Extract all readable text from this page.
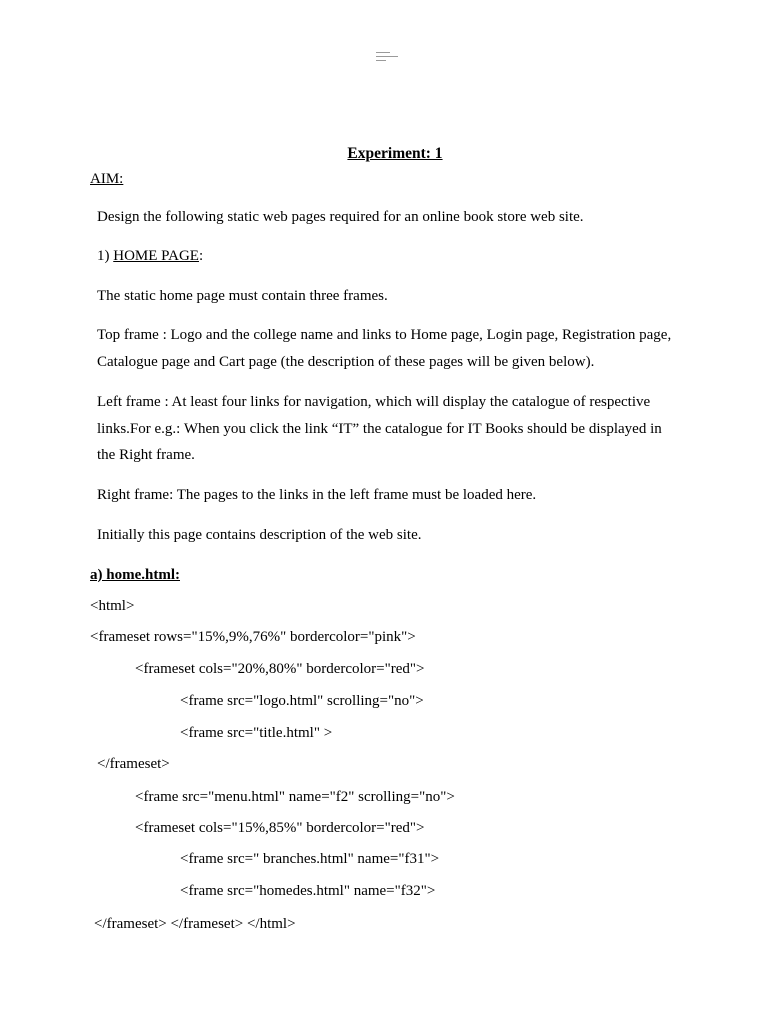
Experiment: 1
AIM:
Design the following static web pages required for an online book store web site.
1) HOME PAGE:
The static home page must contain three frames.
Top frame : Logo and the college name and links to Home page, Login page, Registration page, Catalogue page and Cart page (the description of these pages will be given below).
Left frame : At least four links for navigation, which will display the catalogue of respective links.For e.g.: When you click the link “IT” the catalogue for IT Books should be displayed in the Right frame.
Right frame: The pages to the links in the left frame must be loaded here.
Initially this page contains description of the web site.
a) home.html:
<html>
<frameset rows="15%,9%,76%" bordercolor="pink">
<frameset cols="20%,80%" bordercolor="red">
<frame src="logo.html" scrolling="no">
<frame src="title.html" >
</frameset>
<frame src="menu.html" name="f2" scrolling="no">
<frameset cols="15%,85%" bordercolor="red">
<frame src=" branches.html" name="f31">
<frame src="homedes.html" name="f32">
</frameset> </frameset> </html>
